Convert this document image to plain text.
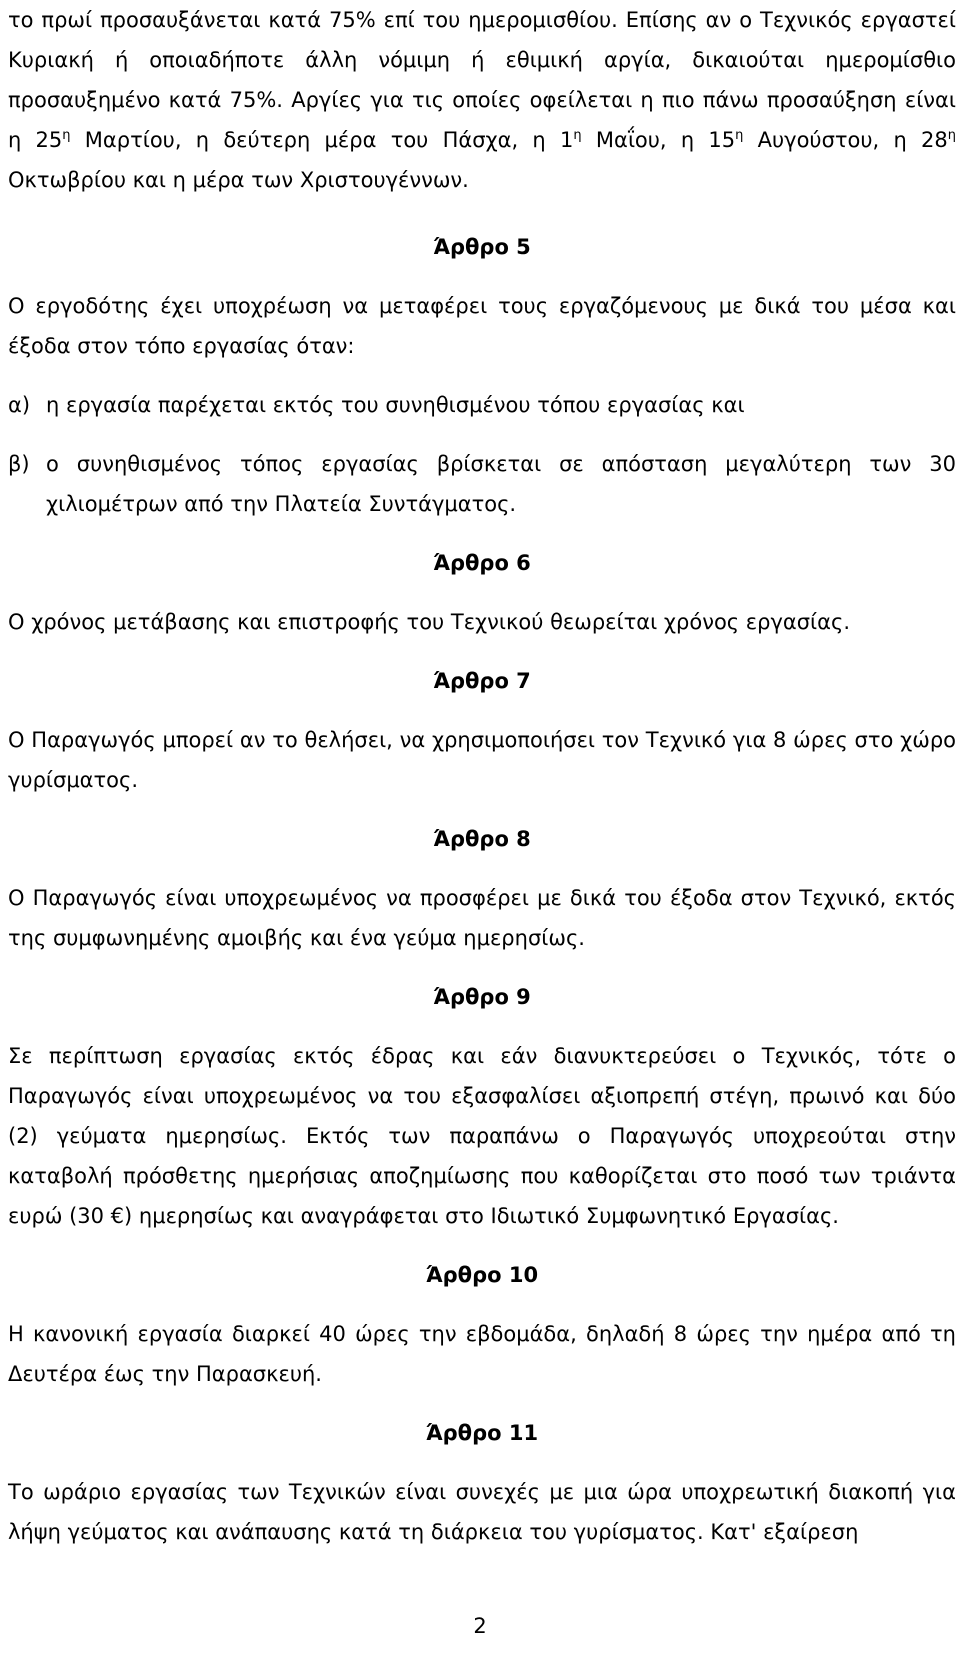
το πρωί προσαυξάνεται κατά 75% επί του ημερομισθίου. Επίσης αν ο Τεχνικός εργαστεί Κυριακή ή οποιαδήποτε άλλη νόμιμη ή εθιμική αργία, δικαιούται ημερομίσθιο προσαυξημένο κατά 75%. Αργίες για τις οποίες οφείλεται η πιο πάνω προσαύξηση είναι η $25^\eta$ Μαρτίου, η δεύτερη μέρα του Πάσχα, η $1^\eta$ Μαΐου, η $15^\eta$ Αυγούστου, η $28^\eta$ Οκτωβρίου και η μέρα των Χριστουγέννων.

Άρθρο 5

Ο εργοδότης έχει υποχρέωση να μεταφέρει τους εργαζόμενους με δικά του μέσα και έξοδα στον τόπο εργασίας όταν:

α) η εργασία παρέχεται εκτός του συνηθισμένου τόπου εργασίας και
β) ο συνηθισμένος τόπος εργασίας βρίσκεται σε απόσταση μεγαλύτερη των 30 χιλιομέτρων από την Πλατεία Συντάγματος.
Άρθρο 6

Ο χρόνος μετάβασης και επιστροφής του Τεχνικού θεωρείται χρόνος εργασίας.

Άρθρο 7

Ο Παραγωγός μπορεί αν το θελήσει, να χρησιμοποιήσει τον Τεχνικό για 8 ώρες στο χώρο γυρίσματος.

Άρθρο 8

Ο Παραγωγός είναι υποχρεωμένος να προσφέρει με δικά του έξοδα στον Τεχνικό, εκτός της συμφωνημένης αμοιβής και ένα γεύμα ημερησίως.

Άρθρο 9

Σε περίπτωση εργασίας εκτός έδρας και εάν διανυκτερεύσει ο Τεχνικός, τότε ο Παραγωγός είναι υποχρεωμένος να του εξασφαλίσει αξιοπρεπή στέγη, πρωινό και δύο (2) γεύματα ημερησίως. Εκτός των παραπάνω ο Παραγωγός υποχρεούται στην καταβολή πρόσθετης ημερήσιας αποζημίωσης που καθορίζεται στο ποσό των τριάντα ευρώ (30 €) ημερησίως και αναγράφεται στο Ιδιωτικό Συμφωνητικό Εργασίας.

Άρθρο 10

Η κανονική εργασία διαρκεί 40 ώρες την εβδομάδα, δηλαδή 8 ώρες την ημέρα από τη Δευτέρα έως την Παρασκευή.

Άρθρο 11

Το ωράριο εργασίας των Τεχνικών είναι συνεχές με μια ώρα υποχρεωτική διακοπή για λήψη γεύματος και ανάπαυσης κατά τη διάρκεια του γυρίσματος. Κατ' εξαίρεση

2
